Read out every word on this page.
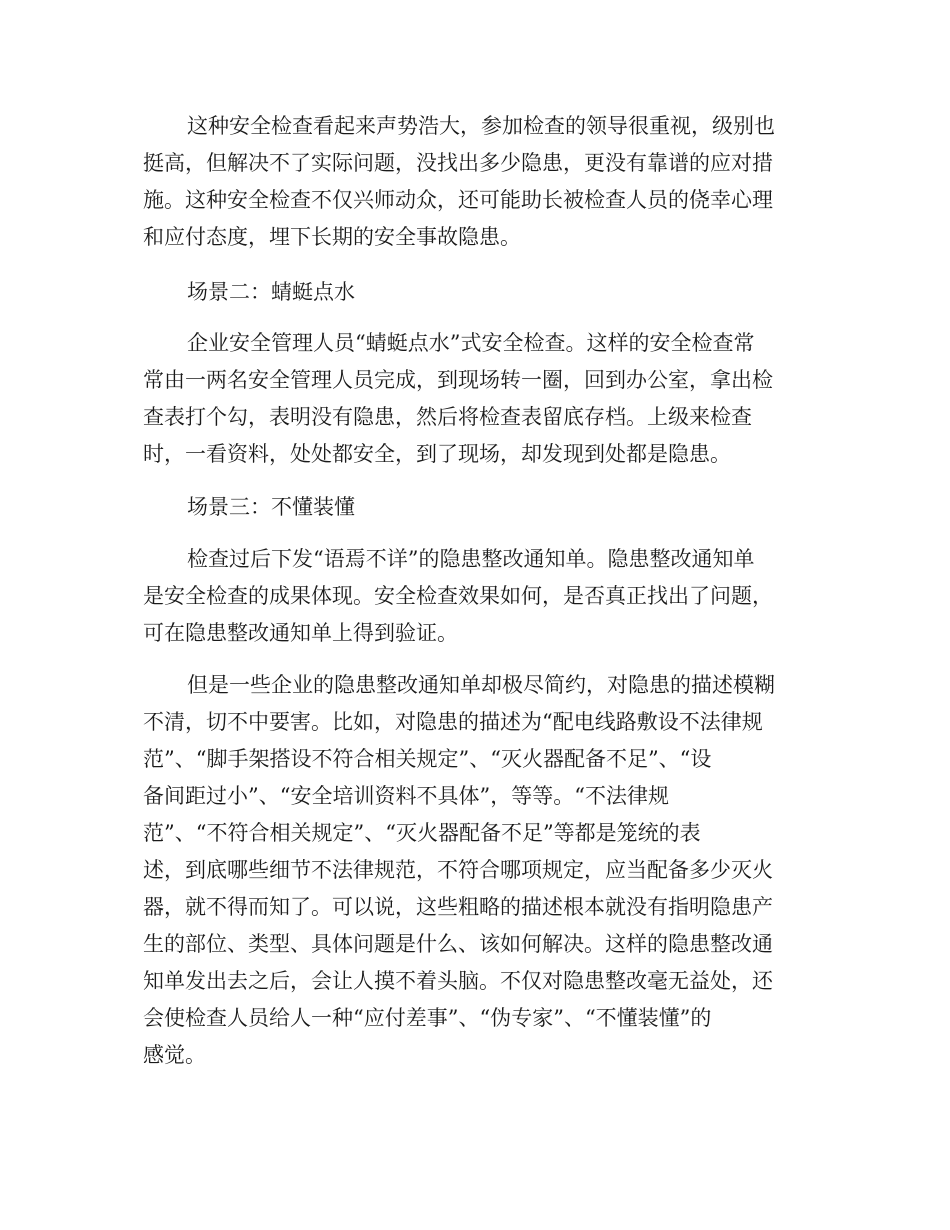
这种安全检查看起来声势浩大，参加检查的领导很重视，级别也
挺高，但解决不了实际问题，没找出多少隐患，更没有靠谱的应对措
施。这种安全检查不仅兴师动众，还可能助长被检查人员的侥幸心理
和应付态度，埋下长期的安全事故隐患。
场景二：蜻蜓点水
企业安全管理人员“蜻蜓点水”式安全检查。这样的安全检查常
常由一两名安全管理人员完成，到现场转一圈，回到办公室，拿出检
查表打个勾，表明没有隐患，然后将检查表留底存档。上级来检查
时，一看资料，处处都安全，到了现场，却发现到处都是隐患。
场景三：不懂装懂
检查过后下发“语焉不详”的隐患整改通知单。隐患整改通知单
是安全检查的成果体现。安全检查效果如何，是否真正找出了问题，
可在隐患整改通知单上得到验证。
但是一些企业的隐患整改通知单却极尽简约，对隐患的描述模糊
不清，切不中要害。比如，对隐患的描述为“配电线路敷设不法律规
范”、“脚手架搭设不符合相关规定”、“灭火器配备不足”、“设
备间距过小”、“安全培训资料不具体”，等等。“不法律规
范”、“不符合相关规定”、“灭火器配备不足”等都是笼统的表
述，到底哪些细节不法律规范，不符合哪项规定，应当配备多少灭火
器，就不得而知了。可以说，这些粗略的描述根本就没有指明隐患产
生的部位、类型、具体问题是什么、该如何解决。这样的隐患整改通
知单发出去之后，会让人摸不着头脑。不仅对隐患整改毫无益处，还
会使检查人员给人一种“应付差事”、“伪专家”、“不懂装懂”的
感觉。
